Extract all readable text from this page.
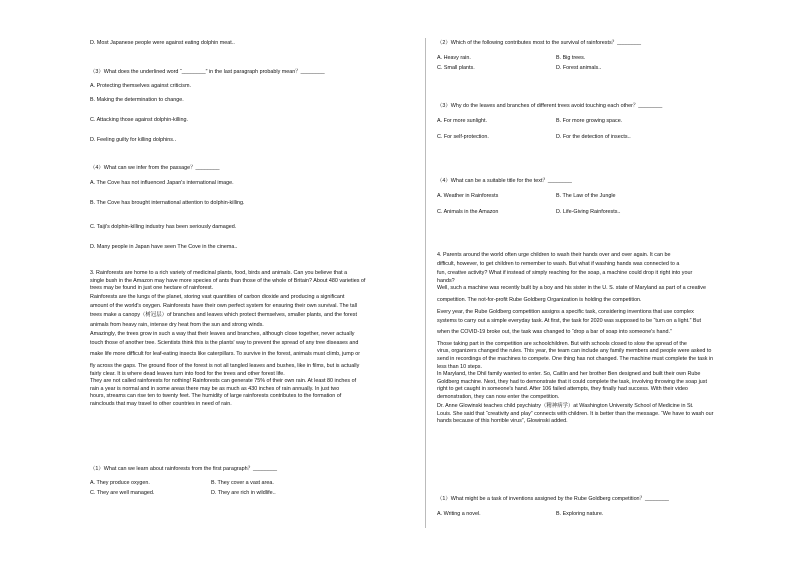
D. Most Japanese people were against eating dolphin meat.．
（3）What does the underlined word “________” in the last paragraph probably mean？________
A. Protecting themselves against criticism.
B. Making the determination to change.
C. Attacking those against dolphin-killing.
D. Feeling guilty for killing dolphins.．
（4）What can we infer from the passage？________
A. The Cove has not influenced Japan's international image.
B. The Cove has brought international attention to dolphin-killing.
C. Taiji's dolphin-killing industry has been seriously damaged.
D. Many people in Japan have seen The Cove in the cinema.．
3. Rainforests are home to a rich variety of medicinal plants, food, birds and animals. Can you believe that a
single bush in the Amazon may have more species of ants than those of the whole of Britain? About 480 varieties of
trees may be found in just one hectare of rainforest.
Rainforests are the lungs of the planet, storing vast quantities of carbon dioxide and producing a significant
amount of the world's oxygen. Rainforests have their own perfect system for ensuring their own survival. The tall
trees make a canopy（树冠层）of branches and leaves which protect themselves, smaller plants, and the forest
animals from heavy rain, intense dry heat from the sun and strong winds.
Amazingly, the trees grow in such a way that their leaves and branches, although close together, never actually
touch those of another tree. Scientists think this is the plants' way to prevent the spread of any tree diseases and
make life more difficult for leaf-eating insects like caterpillars. To survive in the forest, animals must climb, jump or
fly across the gaps. The ground floor of the forest is not all tangled leaves and bushes, like in films, but is actually
fairly clear. It is where dead leaves turn into food for the trees and other forest life.
They are not called rainforests for nothing! Rainforests can generate 75% of their own rain. At least 80 inches of
rain a year is normal and in some areas there may be as much as 430 inches of rain annually. In just two
hours, streams can rise ten to twenty feet. The humidity of large rainforests contributes to the formation of
rainclouds that may travel to other countries in need of rain.
（1）What can we learn about rainforests from the first paragraph？________
A. They produce oxygen.	B. They cover a vast area.
C. They are well managed.	D. They are rich in wildlife.．
（2）Which of the following contributes most to the survival of rainforests？________
A. Heavy rain.	B. Big trees.
C. Small plants.	D. Forest animals.．
（3）Why do the leaves and branches of different trees avoid touching each other？________
A. For more sunlight.	B. For more growing space.
C. For self-protection.	D. For the detection of insects.．
（4）What can be a suitable title for the text？________
A. Weather in Rainforests	B. The Law of the Jungle
C. Animals in the Amazon	D. Life-Giving Rainforests.．
4. Parents around the world often urge children to wash their hands over and over again. It can be
difficult, however, to get children to remember to wash. But what if washing hands was connected to a
fun, creative activity? What if instead of simply reaching for the soap, a machine could drop it right into your
hands?
Well, such a machine was recently built by a boy and his sister in the U. S. state of Maryland as part of a creative
competition. The not-for-profit Rube Goldberg Organization is holding the competition.
Every year, the Rube Goldberg competition assigns a specific task, considering inventions that use complex
systems to carry out a simple everyday task. At first, the task for 2020 was supposed to be “turn on a light.” But
when the COVID-19 broke out, the task was changed to “drop a bar of soap into someone's hand.”
Those taking part in the competition are schoolchildren. But with schools closed to slow the spread of the
virus, organizers changed the rules. This year, the team can include any family members and people were asked to
send in recordings of the machines to compete. One thing has not changed. The machine must complete the task in
less than 10 steps.
In Maryland, the Dhil family wanted to enter. So, Caitlin and her brother Ben designed and built their own Rube
Goldberg machine. Next, they had to demonstrate that it could complete the task, involving throwing the soap just
right to get caught in someone's hand. After 106 failed attempts, they finally had success. With their video
demonstration, they can now enter the competition.
Dr. Anne Glowinski teaches child psychiatry（精神病学）at Washington University School of Medicine in St.
Louis. She said that “creativity and play” connects with children. It is better than the message. “We have to wash our
hands because of this horrible virus”, Glowinski added.
（1）What might be a task of inventions assigned by the Rube Goldberg competition？________
A. Writing a novel.	B. Exploring nature.
